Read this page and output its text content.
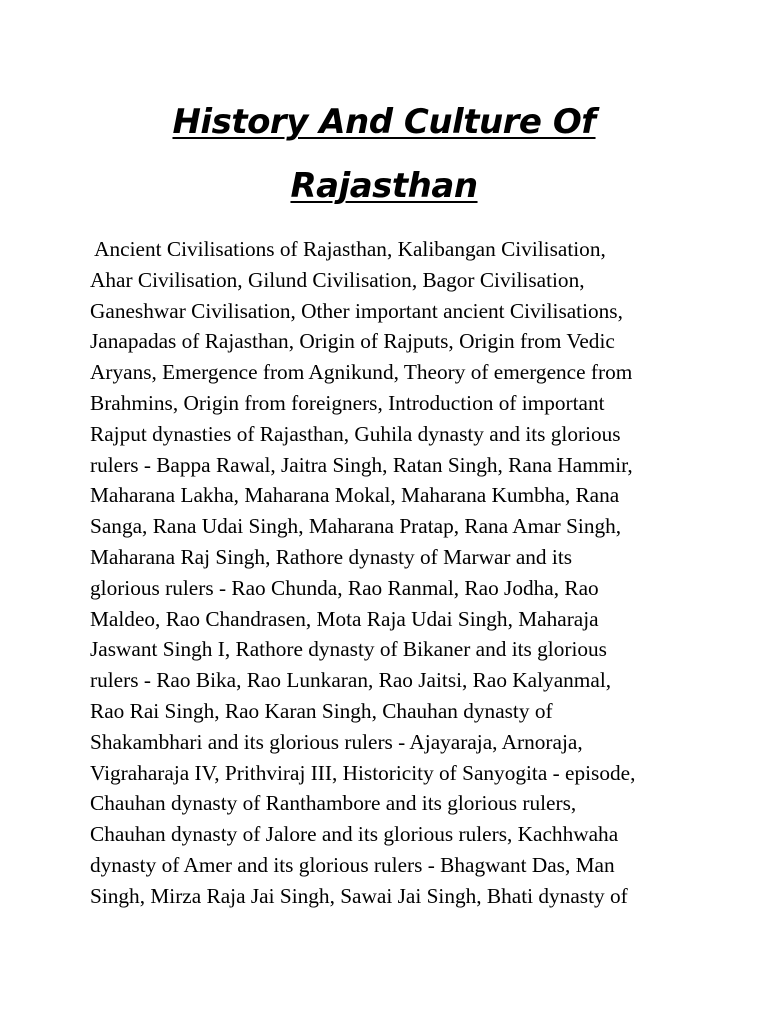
History And Culture Of
Rajasthan
Ancient Civilisations of Rajasthan, Kalibangan Civilisation,
Ahar Civilisation, Gilund Civilisation, Bagor Civilisation,
Ganeshwar Civilisation, Other important ancient Civilisations,
Janapadas of Rajasthan, Origin of Rajputs, Origin from Vedic
Aryans, Emergence from Agnikund, Theory of emergence from
Brahmins, Origin from foreigners, Introduction of important
Rajput dynasties of Rajasthan, Guhila dynasty and its glorious
rulers - Bappa Rawal, Jaitra Singh, Ratan Singh, Rana Hammir,
Maharana Lakha, Maharana Mokal, Maharana Kumbha, Rana
Sanga, Rana Udai Singh, Maharana Pratap, Rana Amar Singh,
Maharana Raj Singh, Rathore dynasty of Marwar and its
glorious rulers - Rao Chunda, Rao Ranmal, Rao Jodha, Rao
Maldeo, Rao Chandrasen, Mota Raja Udai Singh, Maharaja
Jaswant Singh I, Rathore dynasty of Bikaner and its glorious
rulers - Rao Bika, Rao Lunkaran, Rao Jaitsi, Rao Kalyanmal,
Rao Rai Singh, Rao Karan Singh, Chauhan dynasty of
Shakambhari and its glorious rulers - Ajayaraja, Arnoraja,
Vigraharaja IV, Prithviraj III, Historicity of Sanyogita - episode,
Chauhan dynasty of Ranthambore and its glorious rulers,
Chauhan dynasty of Jalore and its glorious rulers, Kachhwaha
dynasty of Amer and its glorious rulers - Bhagwant Das, Man
Singh, Mirza Raja Jai Singh, Sawai Jai Singh, Bhati dynasty of
